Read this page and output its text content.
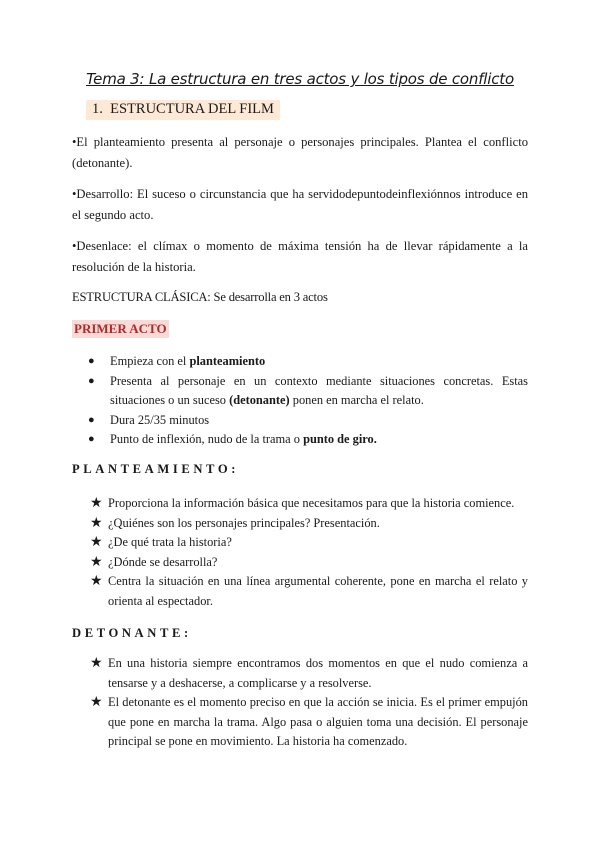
Tema 3: La estructura en tres actos y los tipos de conflicto
1. ESTRUCTURA DEL FILM
•El planteamiento presenta al personaje o personajes principales. Plantea el conflicto (detonante).
•Desarrollo: El suceso o circunstancia que ha servidodepuntodeinflexiónnos introduce en el segundo acto.
•Desenlace: el clímax o momento de máxima tensión ha de llevar rápidamente a la resolución de la historia.
ESTRUCTURA CLÁSICA: Se desarrolla en 3 actos
PRIMER ACTO
● Empieza con el planteamiento
● Presenta al personaje en un contexto mediante situaciones concretas. Estas situaciones o un suceso (detonante) ponen en marcha el relato.
● Dura 25/35 minutos
● Punto de inflexión, nudo de la trama o punto de giro.
PLANTEAMIENTO:
★ Proporciona la información básica que necesitamos para que la historia comience.
★ ¿Quiénes son los personajes principales? Presentación.
★ ¿De qué trata la historia?
★ ¿Dónde se desarrolla?
★ Centra la situación en una línea argumental coherente, pone en marcha el relato y orienta al espectador.
DETONANTE:
★ En una historia siempre encontramos dos momentos en que el nudo comienza a tensarse y a deshacerse, a complicarse y a resolverse.
★ El detonante es el momento preciso en que la acción se inicia. Es el primer empujón que pone en marcha la trama. Algo pasa o alguien toma una decisión. El personaje principal se pone en movimiento. La historia ha comenzado.
